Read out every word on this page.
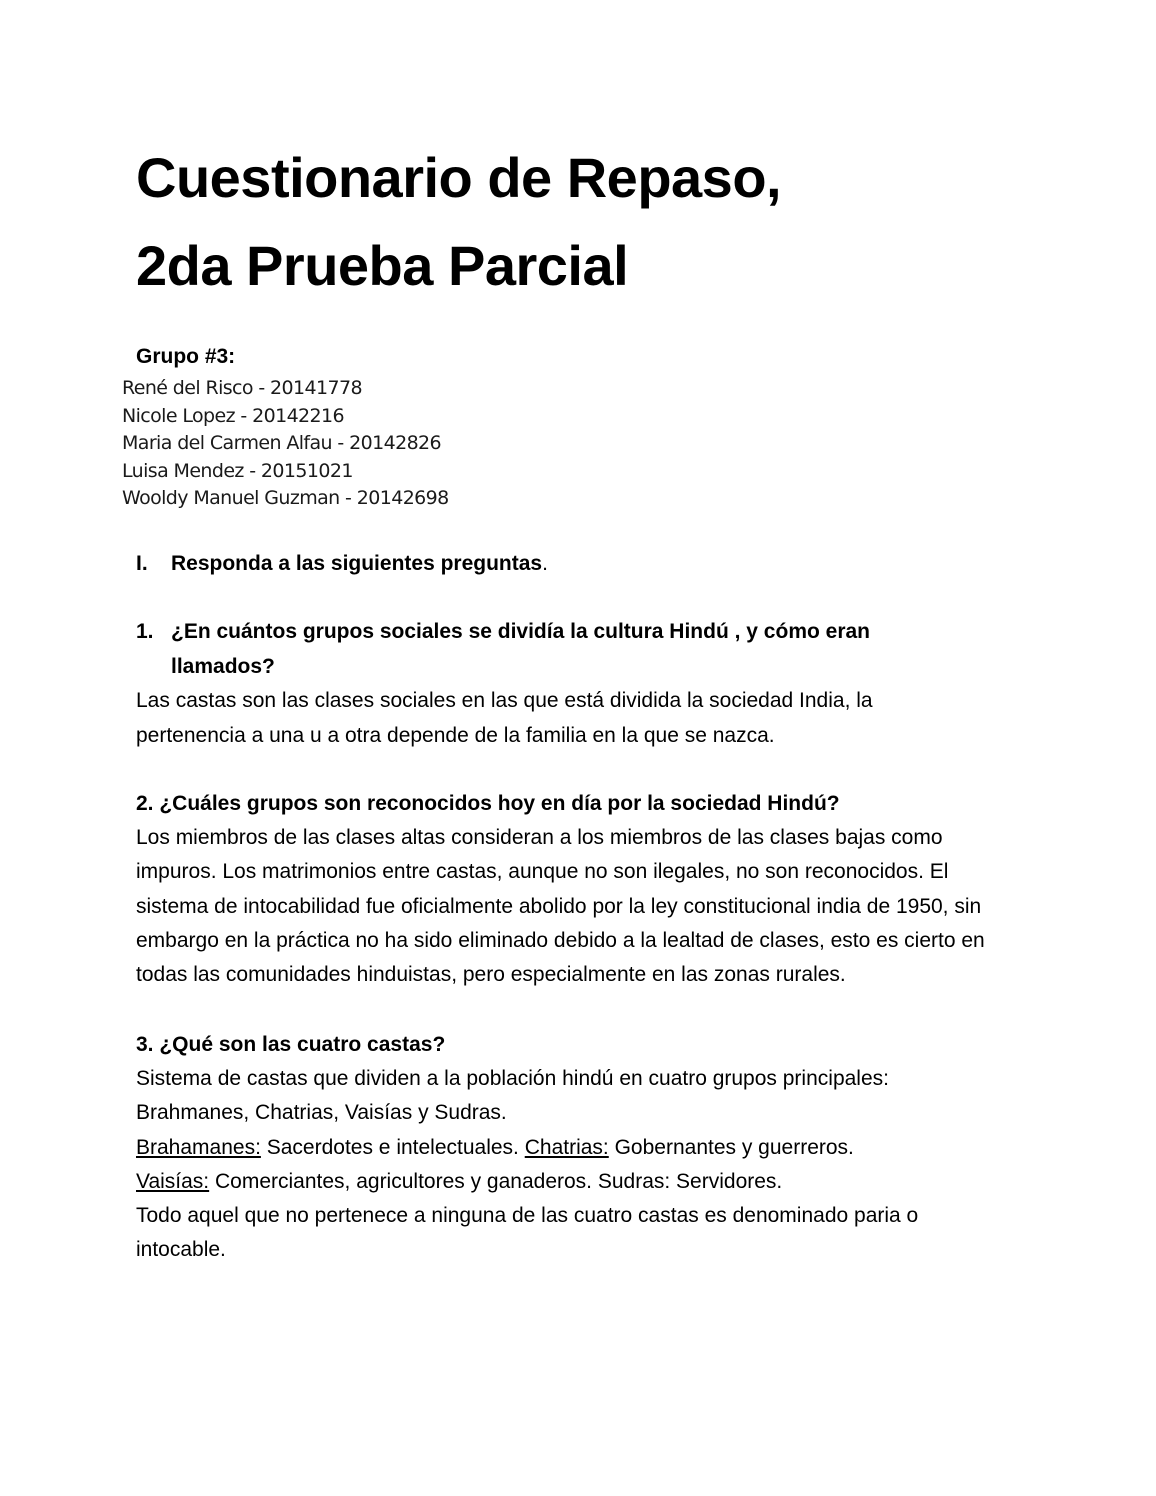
Cuestionario de Repaso,
2da Prueba Parcial
Grupo #3:
René del Risco - 20141778
Nicole Lopez - 20142216
Maria del Carmen Alfau - 20142826
Luisa Mendez - 20151021
Wooldy Manuel Guzman - 20142698
I. Responda a las siguientes preguntas.
1. ¿En cuántos grupos sociales se dividía la cultura Hindú , y cómo eran llamados?
Las castas son las clases sociales en las que está dividida la sociedad India, la pertenencia a una u a otra depende de la familia en la que se nazca.
2. ¿Cuáles grupos son reconocidos hoy en día por la sociedad Hindú?
Los miembros de las clases altas consideran a los miembros de las clases bajas como impuros. Los matrimonios entre castas, aunque no son ilegales, no son reconocidos. El sistema de intocabilidad fue oficialmente abolido por la ley constitucional india de 1950, sin embargo en la práctica no ha sido eliminado debido a la lealtad de clases, esto es cierto en todas las comunidades hinduistas, pero especialmente en las zonas rurales.
3. ¿Qué son las cuatro castas?
Sistema de castas que dividen a la población hindú en cuatro grupos principales: Brahmanes, Chatrias, Vaisías y Sudras.
Brahamanes: Sacerdotes e intelectuales. Chatrias: Gobernantes y guerreros.
Vaisías: Comerciantes, agricultores y ganaderos. Sudras: Servidores.
Todo aquel que no pertenece a ninguna de las cuatro castas es denominado paria o intocable.
